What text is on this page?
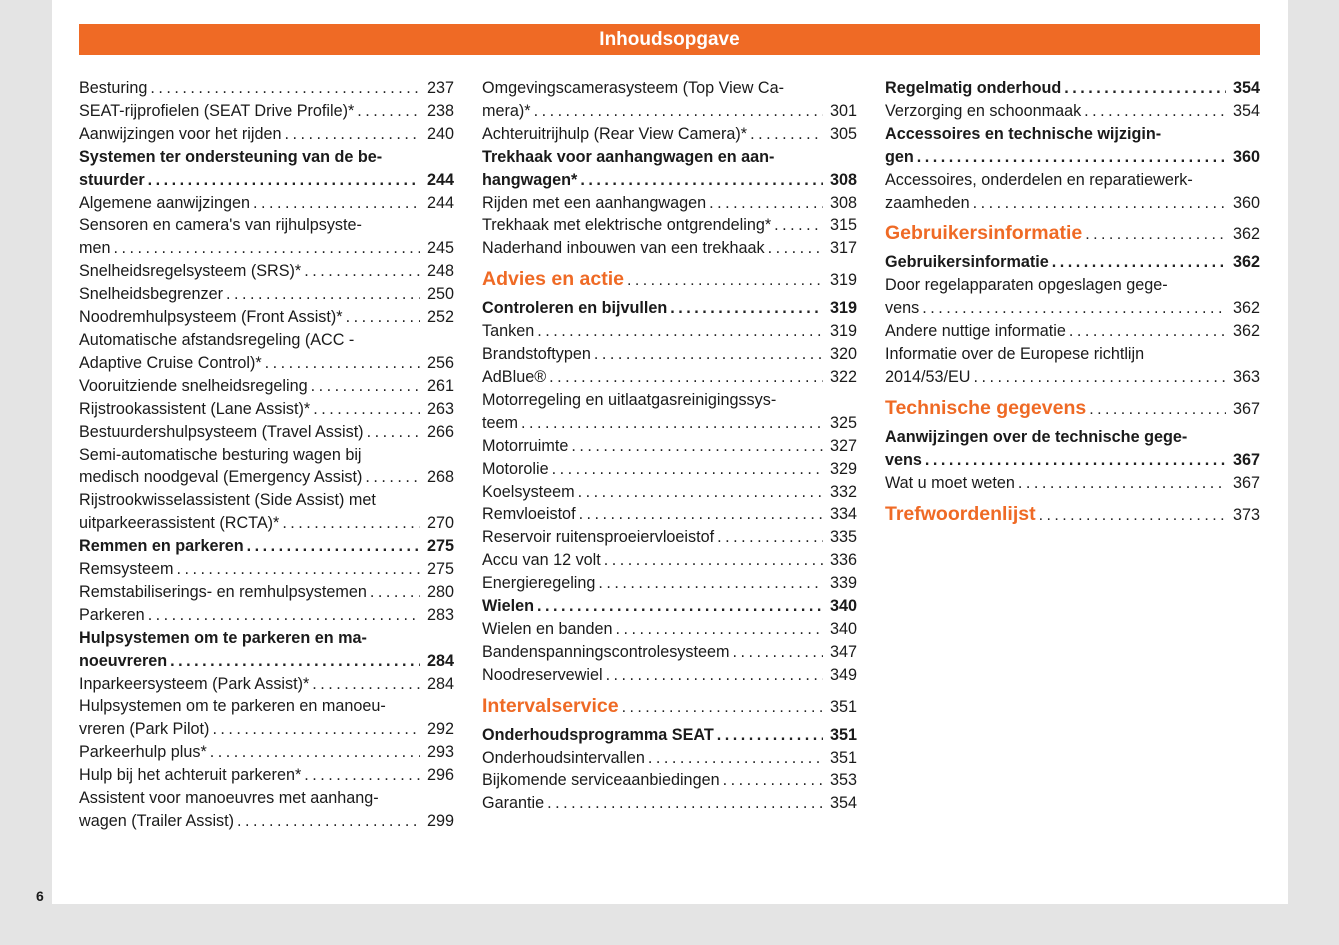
Inhoudsopgave
Besturing . . .	237
SEAT-rijprofielen (SEAT Drive Profile)* . . .	238
Aanwijzingen voor het rijden . . .	240
Systemen ter ondersteuning van de be-
stuurder . . .	244
Algemene aanwijzingen . . .	244
Sensoren en camera's van rijhulpsyste-
men . . .	245
Snelheidsregelsysteem (SRS)* . . .	248
Snelheidsbegrenzer . . .	250
Noodremhulpsysteem (Front Assist)* . . .	252
Automatische afstandsregeling (ACC -
Adaptive Cruise Control)* . . .	256
Vooruitziende snelheidsregeling . . .	261
Rijstrookassistent (Lane Assist)* . . .	263
Bestuurdershulpsysteem (Travel Assist) . . .	266
Semi-automatische besturing wagen bij
medisch noodgeval (Emergency Assist) . . .	268
Rijstrookwisselassistent (Side Assist) met
uitparkeerassistent (RCTA)* . . .	270
Remmen en parkeren . . .	275
Remsysteem . . .	275
Remstabiliserings- en remhulpsystemen . . .	280
Parkeren . . .	283
Hulpsystemen om te parkeren en ma-
noeuvreren . . .	284
Inparkeersysteem (Park Assist)* . . .	284
Hulpsystemen om te parkeren en manoeu-
vreren (Park Pilot) . . .	292
Parkeerhulp plus* . . .	293
Hulp bij het achteruit parkeren* . . .	296
Assistent voor manoeuvres met aanhang-
wagen (Trailer Assist) . . .	299
Omgevingscamerasysteem (Top View Ca-
mera)* . . .	301
Achteruitrijhulp (Rear View Camera)* . . .	305
Trekhaak voor aanhangwagen en aan-
hangwagen* . . .	308
Rijden met een aanhangwagen . . .	308
Trekhaak met elektrische ontgrendeling* . . .	315
Naderhand inbouwen van een trekhaak . . .	317
Advies en actie . . .	319
Controleren en bijvullen . . .	319
Tanken . . .	319
Brandstoftypen . . .	320
AdBlue® . . .	322
Motorregeling en uitlaatgasreinigingssys-
teem . . .	325
Motorruimte . . .	327
Motorolie . . .	329
Koelsysteem . . .	332
Remvloeistof . . .	334
Reservoir ruitensproeiervloeistof . . .	335
Accu van 12 volt . . .	336
Energieregeling . . .	339
Wielen . . .	340
Wielen en banden . . .	340
Bandenspanningscontrolesysteem . . .	347
Noodreservewiel . . .	349
Intervalservice . . .	351
Onderhoudsprogramma SEAT . . .	351
Onderhoudsintervallen . . .	351
Bijkomende serviceaanbiedingen . . .	353
Garantie . . .	354
Regelmatig onderhoud . . .	354
Verzorging en schoonmaak . . .	354
Accessoires en technische wijzigin-
gen . . .	360
Accessoires, onderdelen en reparatiewerk-
zaamheden . . .	360
Gebruikersinformatie . . .	362
Gebruikersinformatie . . .	362
Door regelapparaten opgeslagen gege-
vens . . .	362
Andere nuttige informatie . . .	362
Informatie over de Europese richtlijn
2014/53/EU . . .	363
Technische gegevens . . .	367
Aanwijzingen over de technische gege-
vens . . .	367
Wat u moet weten . . .	367
Trefwoordenlijst . . .	373
6
